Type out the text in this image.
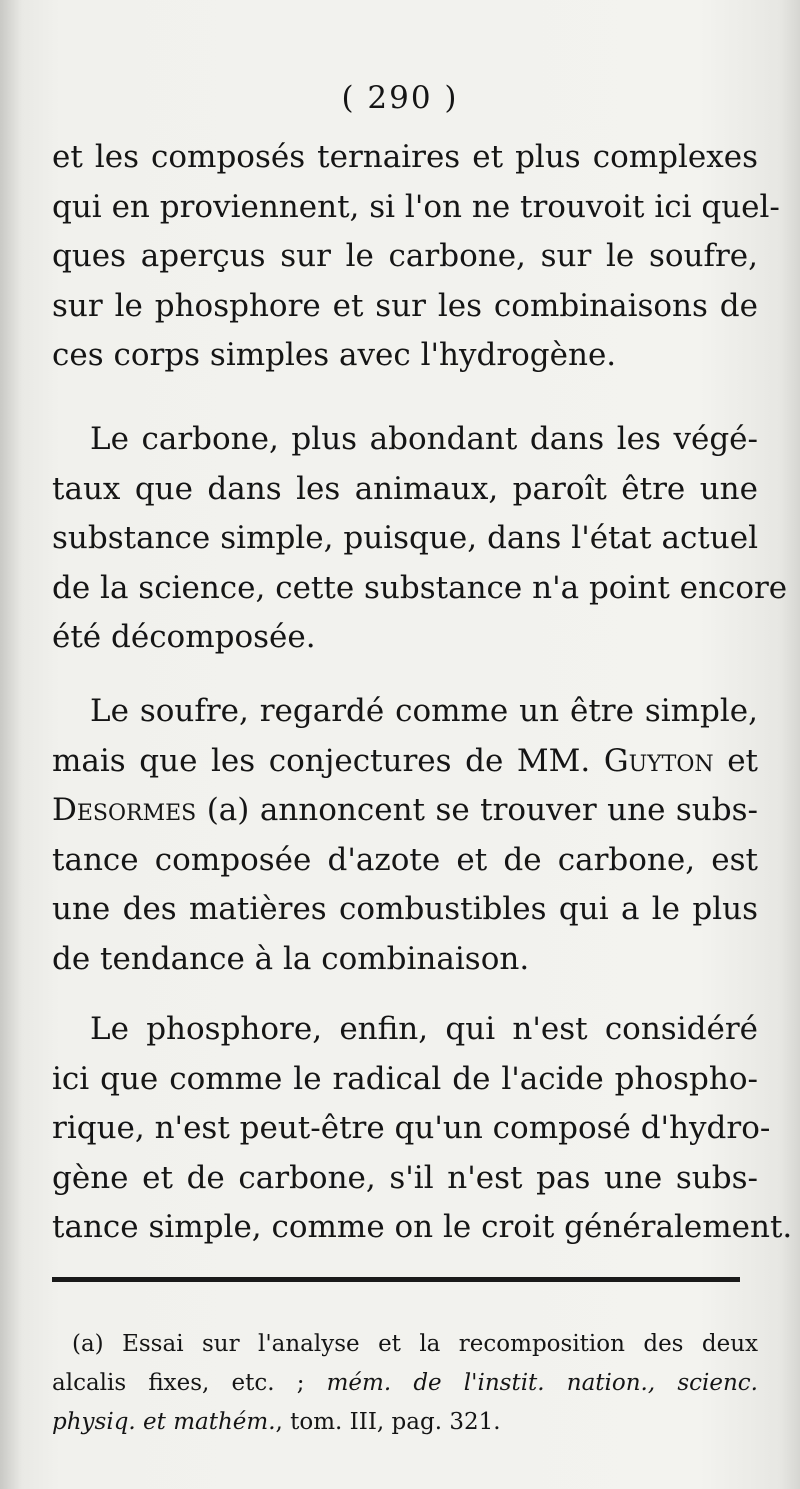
( 290 )

et les composés ternaires et plus complexes
qui en proviennent, si l'on ne trouvoit ici quel-
ques aperçus sur le carbone, sur le soufre,
sur le phosphore et sur les combinaisons de
ces corps simples avec l'hydrogène.

Le carbone, plus abondant dans les végé-
taux que dans les animaux, paroît être une
substance simple, puisque, dans l'état actuel
de la science, cette substance n'a point encore
été décomposée.

Le soufre, regardé comme un être simple,
mais que les conjectures de MM. Guyton et
Desormes (a) annoncent se trouver une subs-
tance composée d'azote et de carbone, est
une des matières combustibles qui a le plus
de tendance à la combinaison.

Le phosphore, enfin, qui n'est considéré
ici que comme le radical de l'acide phospho-
rique, n'est peut-être qu'un composé d'hydro-
gène et de carbone, s'il n'est pas une subs-
tance simple, comme on le croit généralement.

(a) Essai sur l'analyse et la recomposition des deux
alcalis fixes, etc. ; mém. de l'instit. nation., scienc.
physiq. et mathém., tom. III, pag. 321.
